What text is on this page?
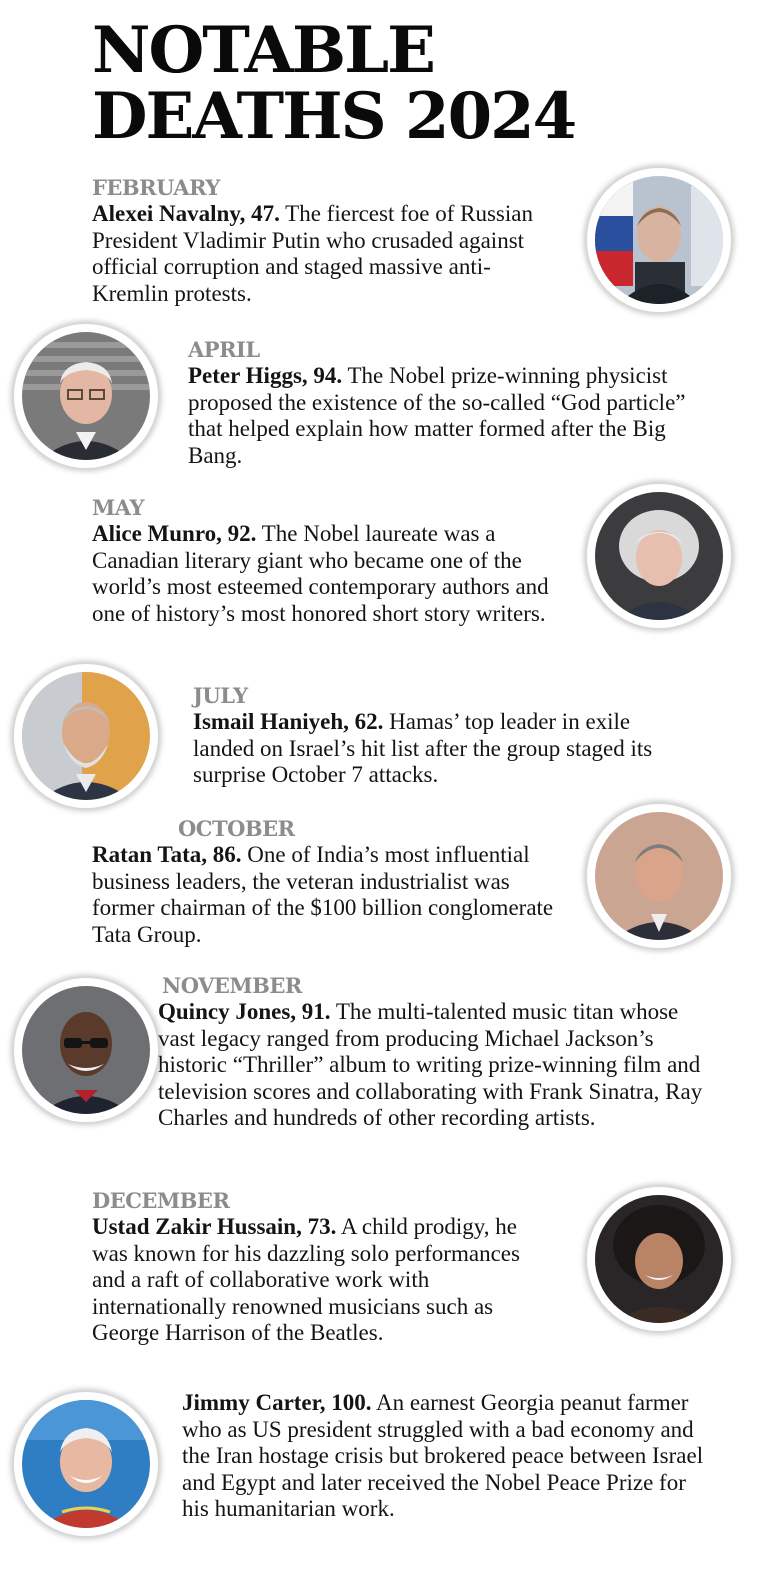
NOTABLE
DEATHS 2024
FEBRUARY
Alexei Navalny, 47. The fiercest foe of Russian President Vladimir Putin who crusaded against official corruption and staged massive anti-Kremlin protests.
APRIL
Peter Higgs, 94. The Nobel prize-winning physicist proposed the existence of the so-called “God particle” that helped explain how matter formed after the Big Bang.
MAY
Alice Munro, 92. The Nobel laureate was a Canadian literary giant who became one of the world’s most esteemed contemporary authors and one of history’s most honored short story writers.
JULY
Ismail Haniyeh, 62. Hamas’ top leader in exile landed on Israel’s hit list after the group staged its surprise October 7 attacks.
OCTOBER
Ratan Tata, 86. One of India’s most influential business leaders, the veteran industrialist was former chairman of the $100 billion conglomerate Tata Group.
NOVEMBER
Quincy Jones, 91. The multi-talented music titan whose vast legacy ranged from producing Michael Jackson’s historic “Thriller” album to writing prize-winning film and television scores and collaborating with Frank Sinatra, Ray Charles and hundreds of other recording artists.
DECEMBER
Ustad Zakir Hussain, 73. A child prodigy, he was known for his dazzling solo performances and a raft of collaborative work with internationally renowned musicians such as George Harrison of the Beatles.
Jimmy Carter, 100. An earnest Georgia peanut farmer who as US president struggled with a bad economy and the Iran hostage crisis but brokered peace between Israel and Egypt and later received the Nobel Peace Prize for his humanitarian work.
